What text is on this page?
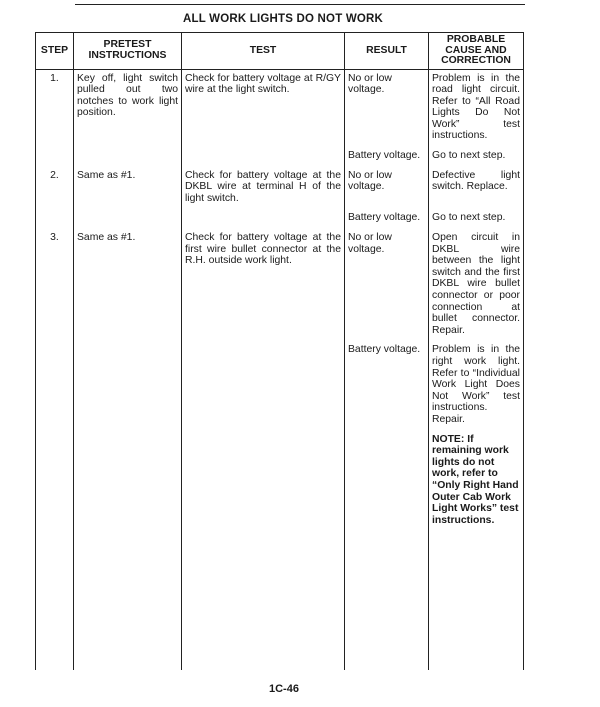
ALL WORK LIGHTS DO NOT WORK
STEP	PRETEST INSTRUCTIONS	TEST	RESULT	PROBABLE CAUSE AND CORRECTION
1.	Key off, light switch pulled out two notches to work light position.	Check for battery voltage at R/GY wire at the light switch.	No or low voltage.	Problem is in the road light circuit. Refer to “All Road Lights Do Not Work” test instructions.
			Battery voltage.	Go to next step.
2.	Same as #1.	Check for battery voltage at the DKBL wire at terminal H of the light switch.	No or low voltage.	Defective light switch. Replace.
			Battery voltage.	Go to next step.
3.	Same as #1.	Check for battery voltage at the first wire bullet connector at the R.H. outside work light.	No or low voltage.	Open circuit in DKBL wire between the light switch and the first DKBL wire bullet connector or poor connection at bullet connector. Repair.
			Battery voltage.	Problem is in the right work light. Refer to “Individual Work Light Does Not Work” test instructions. Repair.
				NOTE: If remaining work lights do not work, refer to “Only Right Hand Outer Cab Work Light Works” test instructions.

1C-46
